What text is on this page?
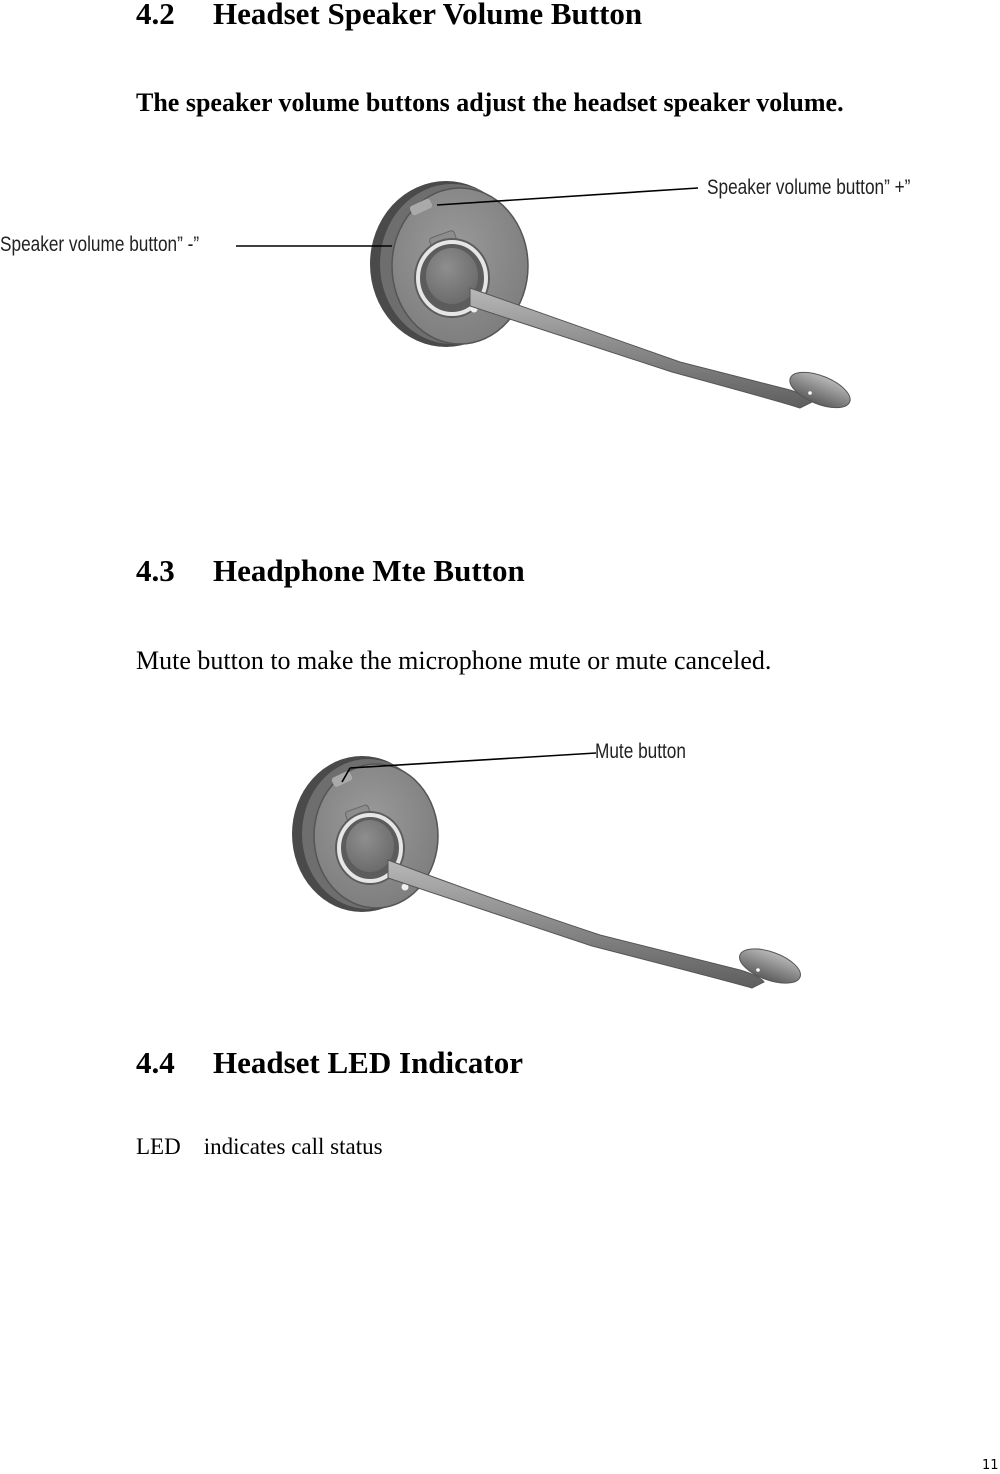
4.2 Headset Speaker Volume Button
The speaker volume buttons adjust the headset speaker volume.
Speaker volume button” +”
Speaker volume button” -”
4.3 Headphone Mte Button
Mute button to make the microphone mute or mute canceled.
Mute button
4.4 Headset LED Indicator
LED    indicates call status
11
